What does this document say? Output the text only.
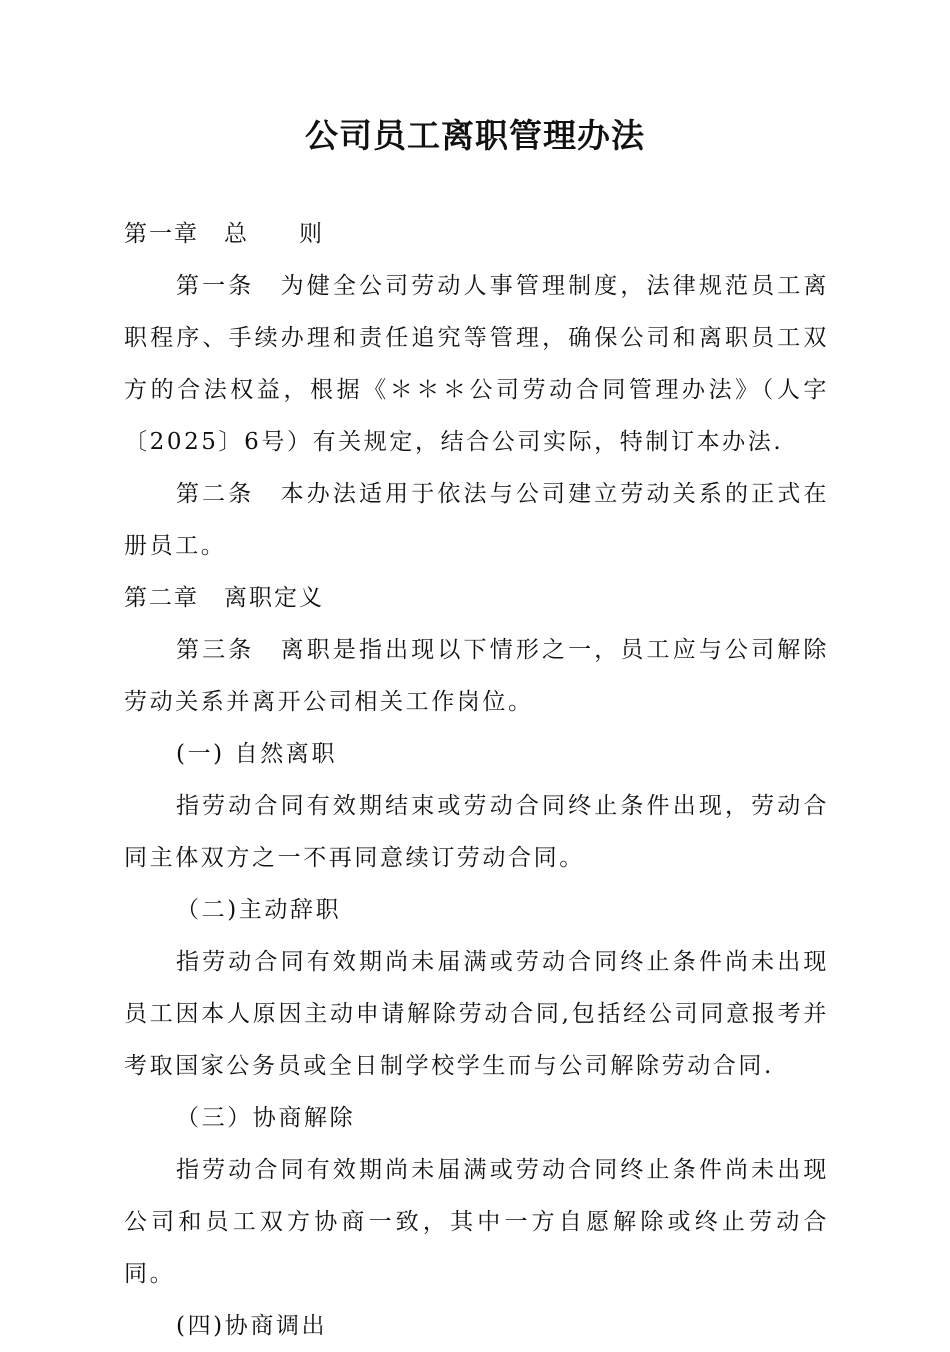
公司员工离职管理办法

第一章　总　　则

第一条　为健全公司劳动人事管理制度，法律规范员工离职程序、手续办理和责任追究等管理，确保公司和离职员工双方的合法权益，根据《＊＊＊公司劳动合同管理办法》（人字〔2025〕6号）有关规定，结合公司实际，特制订本办法.

第二条　本办法适用于依法与公司建立劳动关系的正式在册员工。

第二章　离职定义

第三条　离职是指出现以下情形之一，员工应与公司解除劳动关系并离开公司相关工作岗位。

(一) 自然离职

指劳动合同有效期结束或劳动合同终止条件出现，劳动合同主体双方之一不再同意续订劳动合同。

（二)主动辞职

指劳动合同有效期尚未届满或劳动合同终止条件尚未出现员工因本人原因主动申请解除劳动合同,包括经公司同意报考并考取国家公务员或全日制学校学生而与公司解除劳动合同.

（三）协商解除

指劳动合同有效期尚未届满或劳动合同终止条件尚未出现公司和员工双方协商一致，其中一方自愿解除或终止劳动合同。

(四)协商调出
